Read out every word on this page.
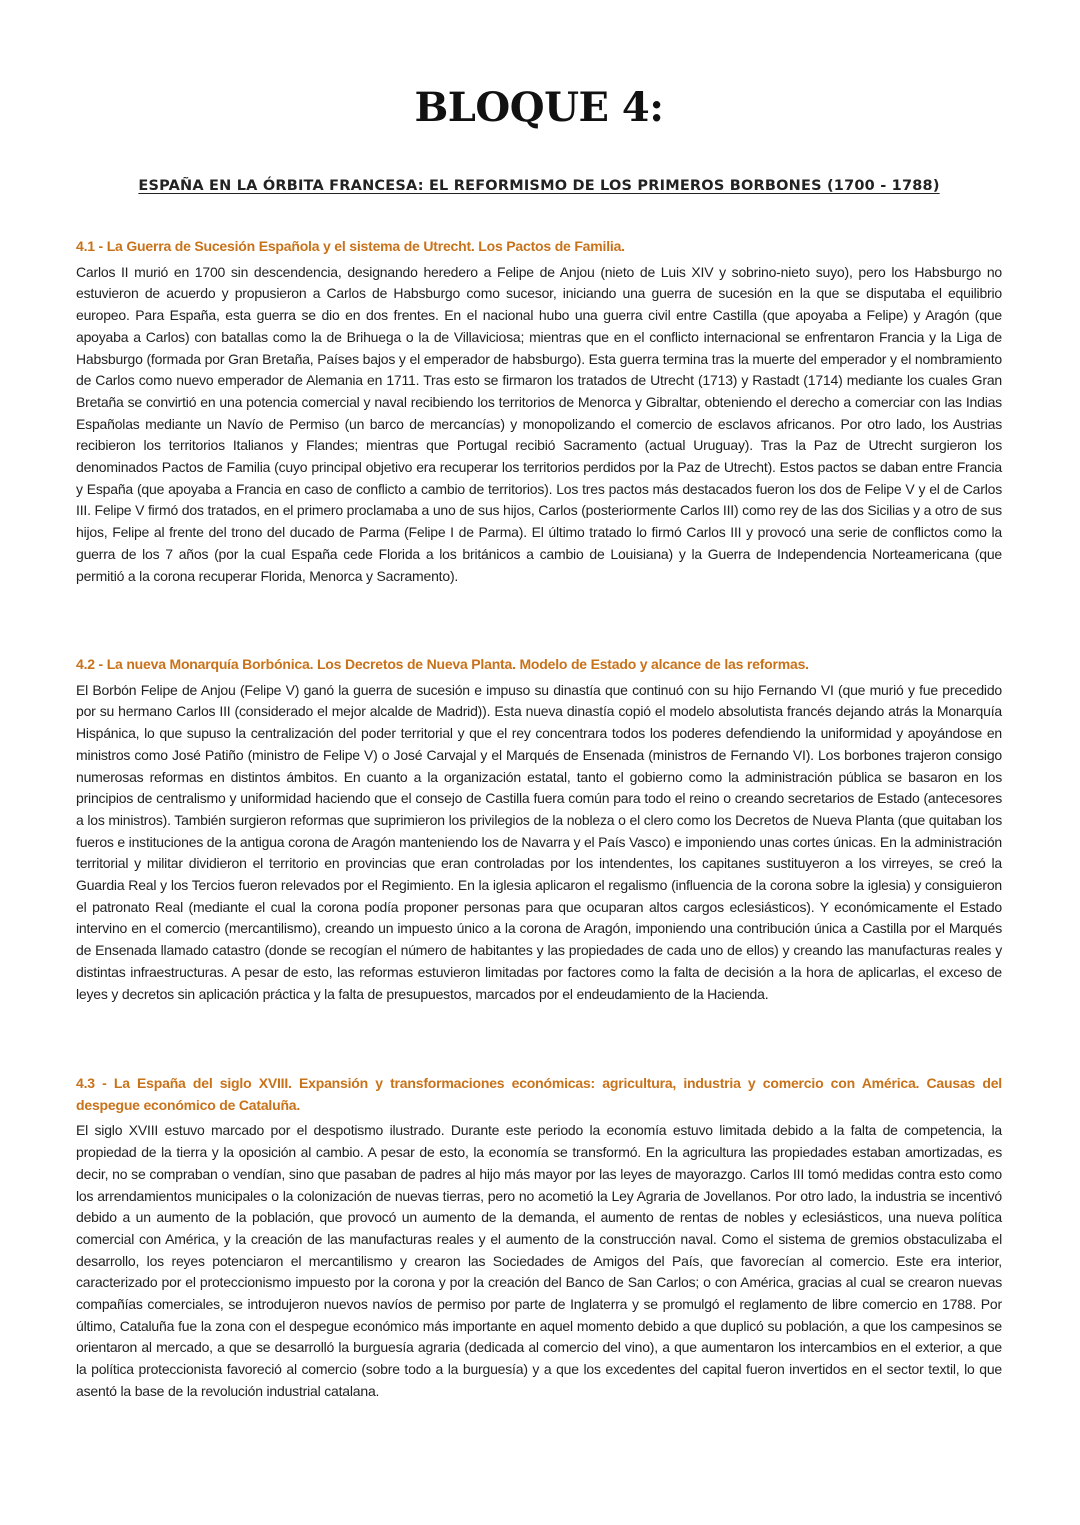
BLOQUE 4:
ESPAÑA EN LA ÓRBITA FRANCESA: EL REFORMISMO DE LOS PRIMEROS BORBONES (1700 - 1788)
4.1 - La Guerra de Sucesión Española y el sistema de Utrecht. Los Pactos de Familia.

Carlos II murió en 1700 sin descendencia, designando heredero a Felipe de Anjou (nieto de Luis XIV y sobrino-nieto suyo), pero los Habsburgo no estuvieron de acuerdo y propusieron a Carlos de Habsburgo como sucesor, iniciando una guerra de sucesión en la que se disputaba el equilibrio europeo. Para España, esta guerra se dio en dos frentes. En el nacional hubo una guerra civil entre Castilla (que apoyaba a Felipe) y Aragón (que apoyaba a Carlos) con batallas como la de Brihuega o la de Villaviciosa; mientras que en el conflicto internacional se enfrentaron Francia y la Liga de Habsburgo (formada por Gran Bretaña, Países bajos y el emperador de habsburgo). Esta guerra termina tras la muerte del emperador y el nombramiento de Carlos como nuevo emperador de Alemania en 1711. Tras esto se firmaron los tratados de Utrecht (1713) y Rastadt (1714) mediante los cuales Gran Bretaña se convirtió en una potencia comercial y naval recibiendo los territorios de Menorca y Gibraltar, obteniendo el derecho a comerciar con las Indias Españolas mediante un Navío de Permiso (un barco de mercancías) y monopolizando el comercio de esclavos africanos. Por otro lado, los Austrias recibieron los territorios Italianos y Flandes; mientras que Portugal recibió Sacramento (actual Uruguay). Tras la Paz de Utrecht surgieron los denominados Pactos de Familia (cuyo principal objetivo era recuperar los territorios perdidos por la Paz de Utrecht). Estos pactos se daban entre Francia y España (que apoyaba a Francia en caso de conflicto a cambio de territorios). Los tres pactos más destacados fueron los dos de Felipe V y el de Carlos III. Felipe V firmó dos tratados, en el primero proclamaba a uno de sus hijos, Carlos (posteriormente Carlos III) como rey de las dos Sicilias y a otro de sus hijos, Felipe al frente del trono del ducado de Parma (Felipe I de Parma). El último tratado lo firmó Carlos III y provocó una serie de conflictos como la guerra de los 7 años (por la cual España cede Florida a los británicos a cambio de Louisiana) y la Guerra de Independencia Norteamericana (que permitió a la corona recuperar Florida, Menorca y Sacramento).

4.2 - La nueva Monarquía Borbónica. Los Decretos de Nueva Planta. Modelo de Estado y alcance de las reformas.

El Borbón Felipe de Anjou (Felipe V) ganó la guerra de sucesión e impuso su dinastía que continuó con su hijo Fernando VI (que murió y fue precedido por su hermano Carlos III (considerado el mejor alcalde de Madrid)). Esta nueva dinastía copió el modelo absolutista francés dejando atrás la Monarquía Hispánica, lo que supuso la centralización del poder territorial y que el rey concentrara todos los poderes defendiendo la uniformidad y apoyándose en ministros como José Patiño (ministro de Felipe V) o José Carvajal y el Marqués de Ensenada (ministros de Fernando VI). Los borbones trajeron consigo numerosas reformas en distintos ámbitos. En cuanto a la organización estatal, tanto el gobierno como la administración pública se basaron en los principios de centralismo y uniformidad haciendo que el consejo de Castilla fuera común para todo el reino o creando secretarios de Estado (antecesores a los ministros). También surgieron reformas que suprimieron los privilegios de la nobleza o el clero como los Decretos de Nueva Planta (que quitaban los fueros e instituciones de la antigua corona de Aragón manteniendo los de Navarra y el País Vasco) e imponiendo unas cortes únicas. En la administración territorial y militar dividieron el territorio en provincias que eran controladas por los intendentes, los capitanes sustituyeron a los virreyes, se creó la Guardia Real y los Tercios fueron relevados por el Regimiento. En la iglesia aplicaron el regalismo (influencia de la corona sobre la iglesia) y consiguieron el patronato Real (mediante el cual la corona podía proponer personas para que ocuparan altos cargos eclesiásticos). Y económicamente el Estado intervino en el comercio (mercantilismo), creando un impuesto único a la corona de Aragón, imponiendo una contribución única a Castilla por el Marqués de Ensenada llamado catastro (donde se recogían el número de habitantes y las propiedades de cada uno de ellos) y creando las manufacturas reales y distintas infraestructuras. A pesar de esto, las reformas estuvieron limitadas por factores como la falta de decisión a la hora de aplicarlas, el exceso de leyes y decretos sin aplicación práctica y la falta de presupuestos, marcados por el endeudamiento de la Hacienda.

4.3 - La España del siglo XVIII. Expansión y transformaciones económicas: agricultura, industria y comercio con América. Causas del despegue económico de Cataluña.

El siglo XVIII estuvo marcado por el despotismo ilustrado. Durante este periodo la economía estuvo limitada debido a la falta de competencia, la propiedad de la tierra y la oposición al cambio. A pesar de esto, la economía se transformó. En la agricultura las propiedades estaban amortizadas, es decir, no se compraban o vendían, sino que pasaban de padres al hijo más mayor por las leyes de mayorazgo. Carlos III tomó medidas contra esto como los arrendamientos municipales o la colonización de nuevas tierras, pero no acometió la Ley Agraria de Jovellanos. Por otro lado, la industria se incentivó debido a un aumento de la población, que provocó un aumento de la demanda, el aumento de rentas de nobles y eclesiásticos, una nueva política comercial con América, y la creación de las manufacturas reales y el aumento de la construcción naval. Como el sistema de gremios obstaculizaba el desarrollo, los reyes potenciaron el mercantilismo y crearon las Sociedades de Amigos del País, que favorecían al comercio. Este era interior, caracterizado por el proteccionismo impuesto por la corona y por la creación del Banco de San Carlos; o con América, gracias al cual se crearon nuevas compañías comerciales, se introdujeron nuevos navíos de permiso por parte de Inglaterra y se promulgó el reglamento de libre comercio en 1788. Por último, Cataluña fue la zona con el despegue económico más importante en aquel momento debido a que duplicó su población, a que los campesinos se orientaron al mercado, a que se desarrolló la burguesía agraria (dedicada al comercio del vino), a que aumentaron los intercambios en el exterior, a que la política proteccionista favoreció al comercio (sobre todo a la burguesía) y a que los excedentes del capital fueron invertidos en el sector textil, lo que asentó la base de la revolución industrial catalana.
